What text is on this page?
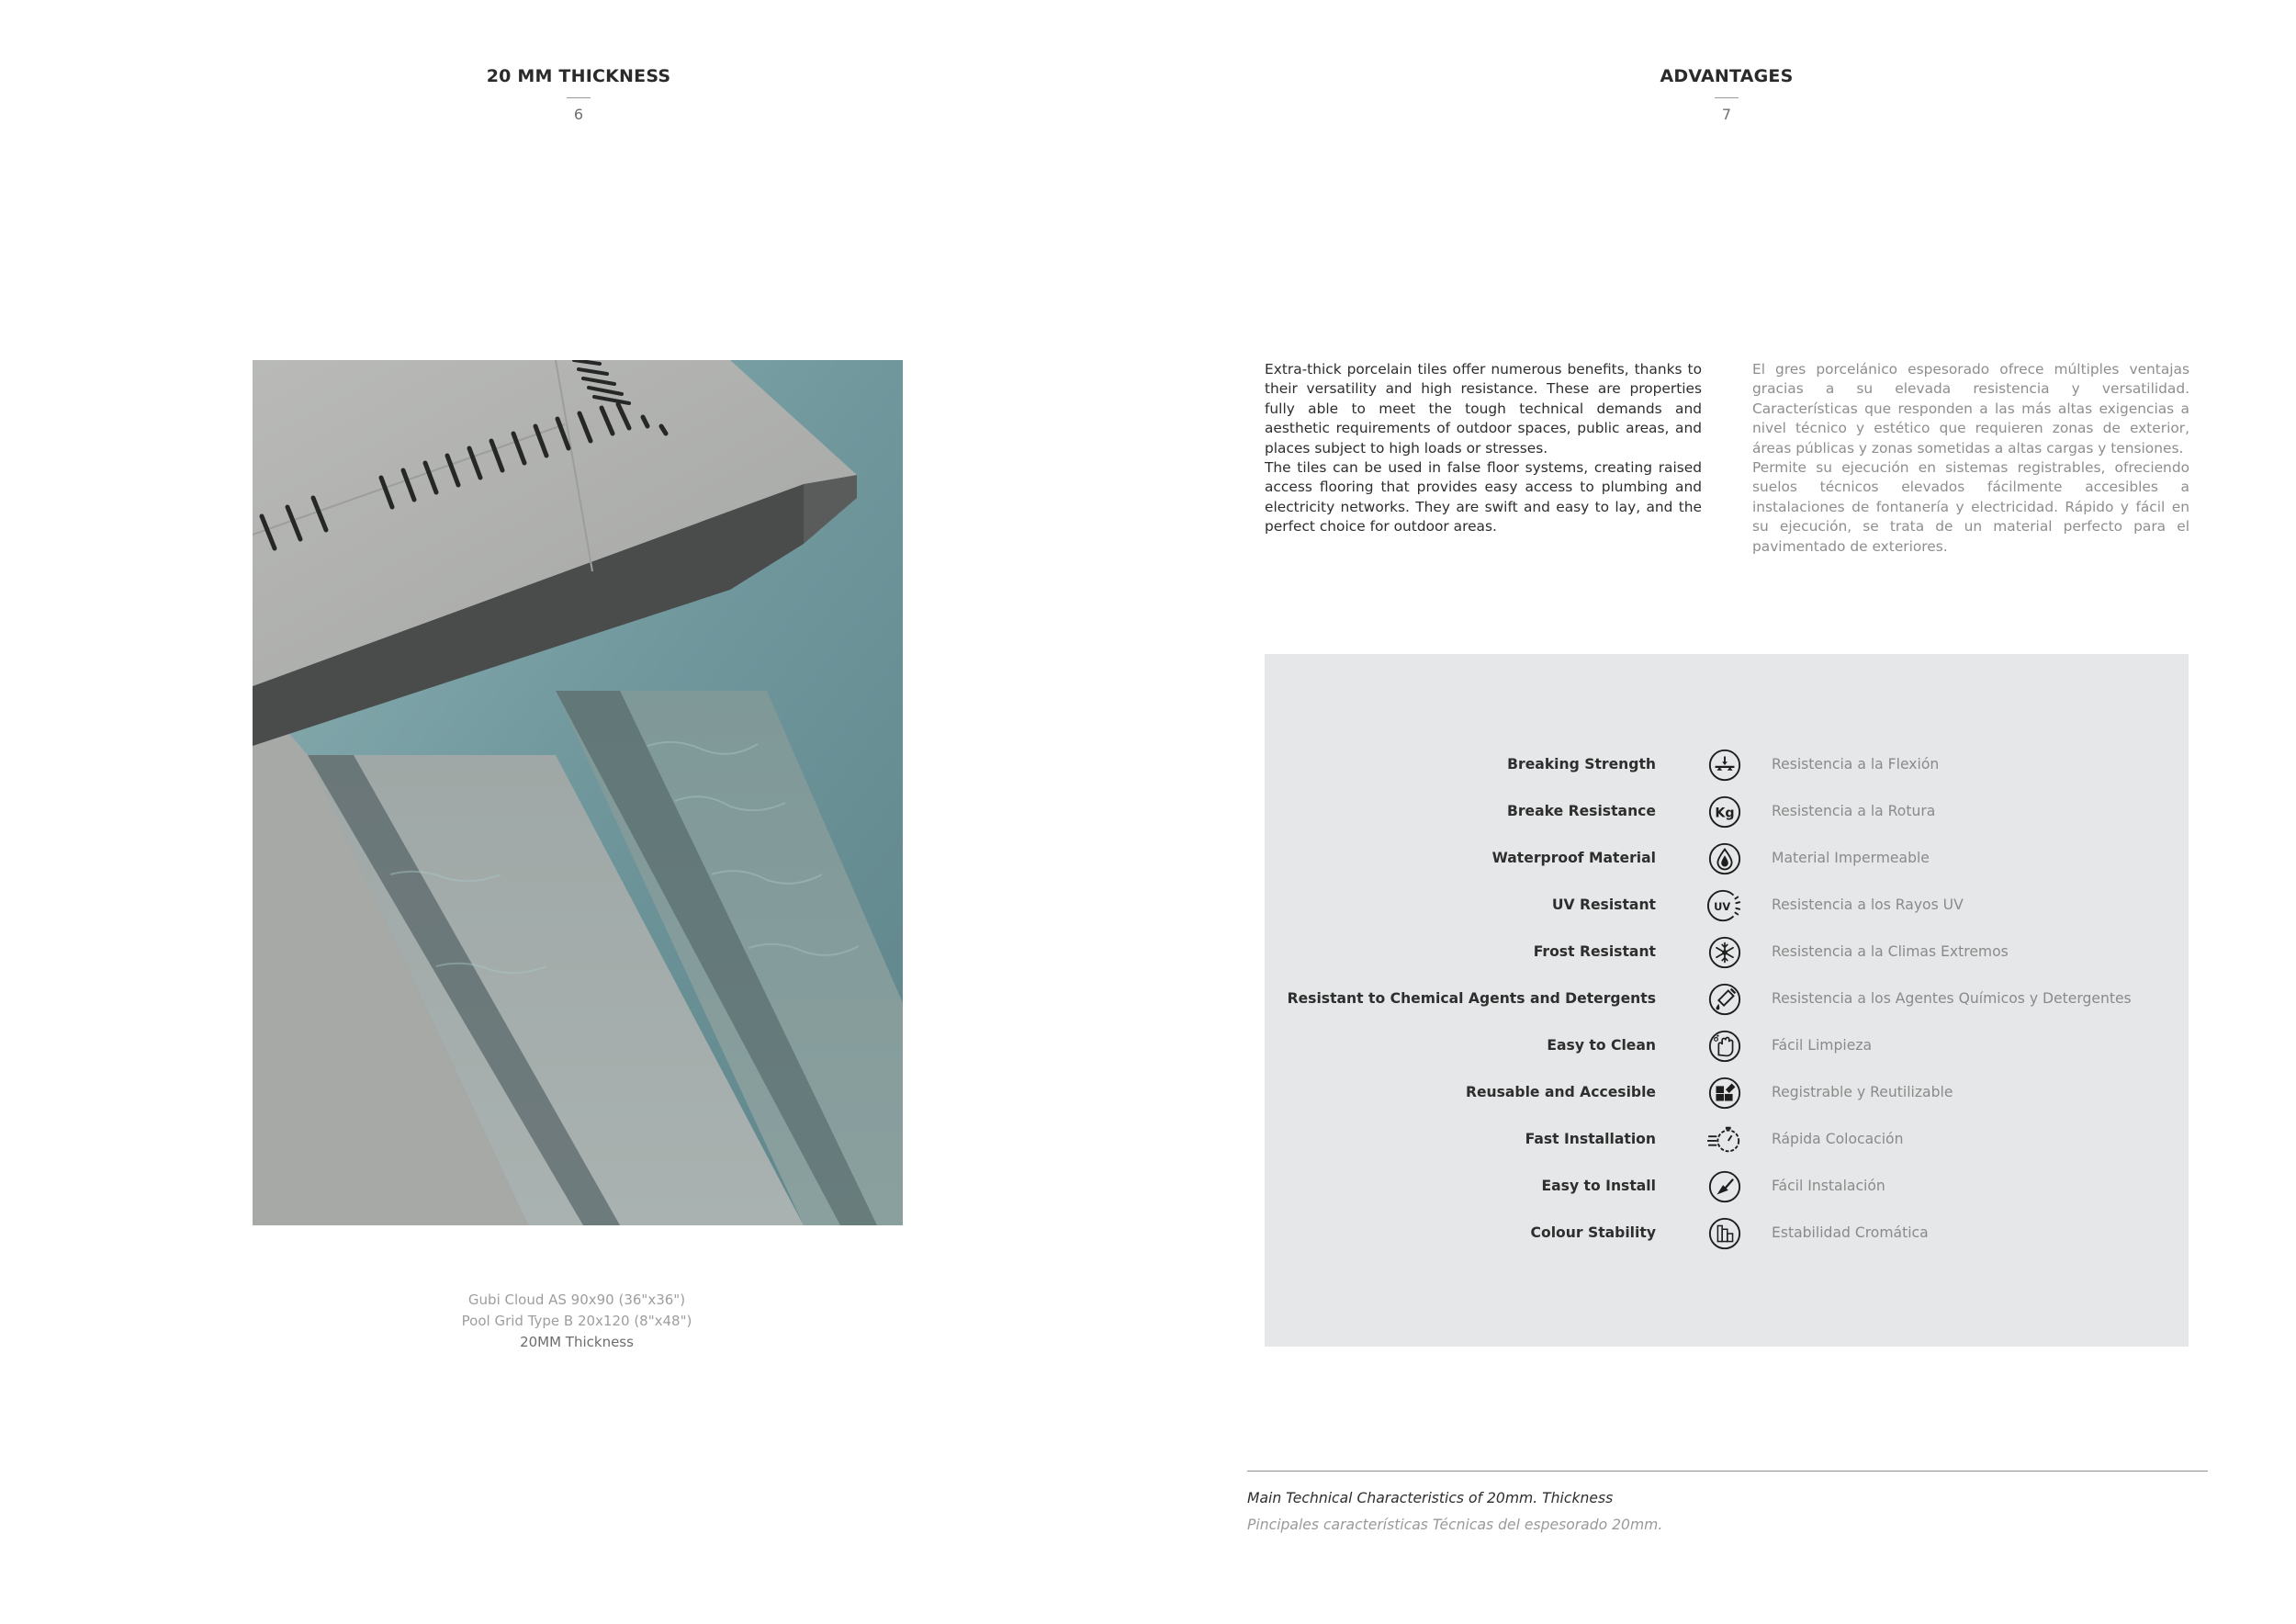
20 MM THICKNESS
6
ADVANTAGES
7
Gubi Cloud AS 90x90 (36"x36")
Pool Grid Type B 20x120 (8"x48")
20MM Thickness

Extra-thick porcelain tiles offer numerous benefits, thanks to their versatility and high resistance. These are properties fully able to meet the tough technical demands and aesthetic requirements of outdoor spaces, public areas, and places subject to high loads or stresses.

The tiles can be used in false floor systems, creating raised access flooring that provides easy access to plumbing and electricity networks. They are swift and easy to lay, and the perfect choice for outdoor areas.

El gres porcelánico espesorado ofrece múltiples ventajas gracias a su elevada resistencia y versatilidad. Características que responden a las más altas exigencias a nivel técnico y estético que requieren zonas de exterior, áreas públicas y zonas sometidas a altas cargas y tensiones.

Permite su ejecución en sistemas registrables, ofreciendo suelos técnicos elevados fácilmente accesibles a instalaciones de fontanería y electricidad. Rápido y fácil en su ejecución, se trata de un material perfecto para el pavimentado de exteriores.

Breaking Strength	Resistencia a la Flexión
Breake Resistance	Kg	Resistencia a la Rotura
Waterproof Material	Material Impermeable
UV Resistant	UV	Resistencia a los Rayos UV
Frost Resistant	Resistencia a la Climas Extremos
Resistant to Chemical Agents and Detergents	Resistencia a los Agentes Químicos y Detergentes
Easy to Clean	Fácil Limpieza
Reusable and Accesible	Registrable y Reutilizable
Fast Installation	Rápida Colocación
Easy to Install	Fácil Instalación
Colour Stability	Estabilidad Cromática
Main Technical Characteristics of 20mm. Thickness
Pincipales características Técnicas del espesorado 20mm.
